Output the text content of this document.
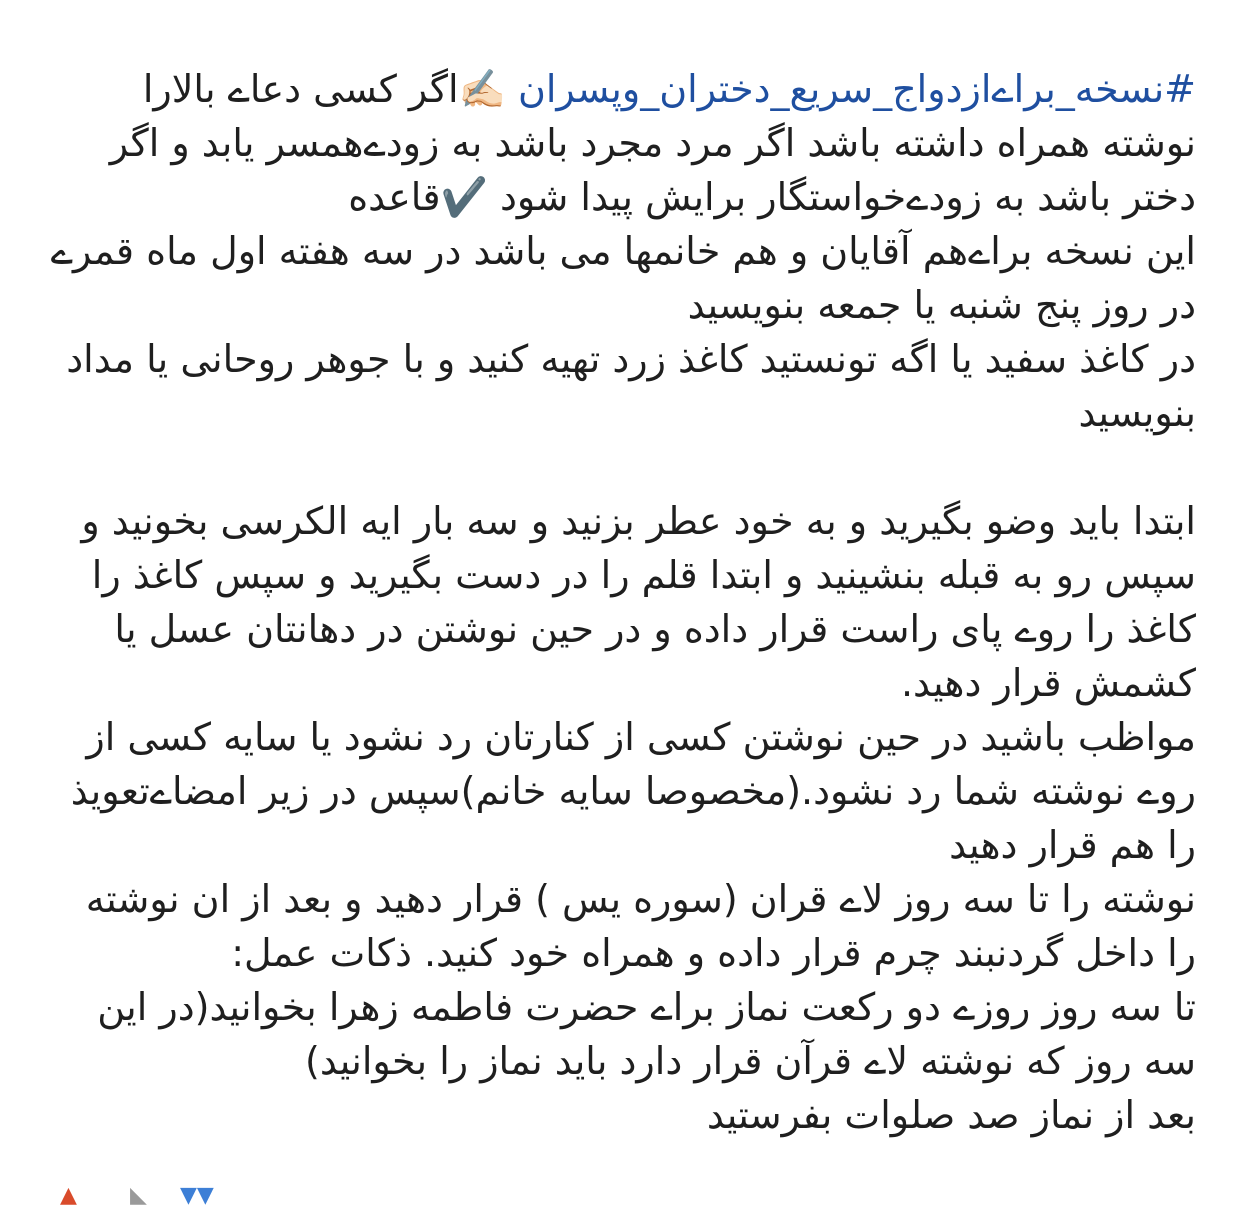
#نسخه_براےازدواج_سریع_دختران_وپسران ✍🏻اگر کسی دعاے بالارا نوشته همراه داشته باشد اگر مرد مجرد باشد به زودےهمسر یابد و اگر دختر باشد به زودےخواستگار برایش پیدا شود ✔️قاعده

این نسخه براےهم آقایان و هم خانمها می باشد در سه هفته اول ماه قمرے در روز پنج شنبه یا جمعه بنویسید

در کاغذ سفید یا اگه تونستید کاغذ زرد تهیه کنید و با جوهر روحانی یا مداد بنویسید

ابتدا باید وضو بگیرید و به خود عطر بزنید و سه بار ایه الکرسی بخونید و سپس رو به قبله بنشینید و ابتدا قلم را در دست بگیرید و سپس کاغذ را

کاغذ را روے پای راست قرار داده و در حین نوشتن در دهانتان عسل یا کشمش قرار دهید.

مواظب باشید در حین نوشتن کسی از کنارتان رد نشود یا سایه کسی از روے نوشته شما رد نشود.(مخصوصا سایه خانم)سپس در زیر امضاےتعویذ را هم قرار دهید

نوشته را تا سه روز لاے قران (سوره یس ) قرار دهید و بعد از ان نوشته را داخل گردنبند چرم قرار داده و همراه خود کنید. ذکات عمل:

تا سه روز روزے دو رکعت نماز براے حضرت فاطمه زهرا بخوانید(در این سه روز که نوشته لاے قرآن قرار دارد باید نماز را بخوانید)

بعد از نماز صد صلوات بفرستید

▲ ◣ ▼▼
